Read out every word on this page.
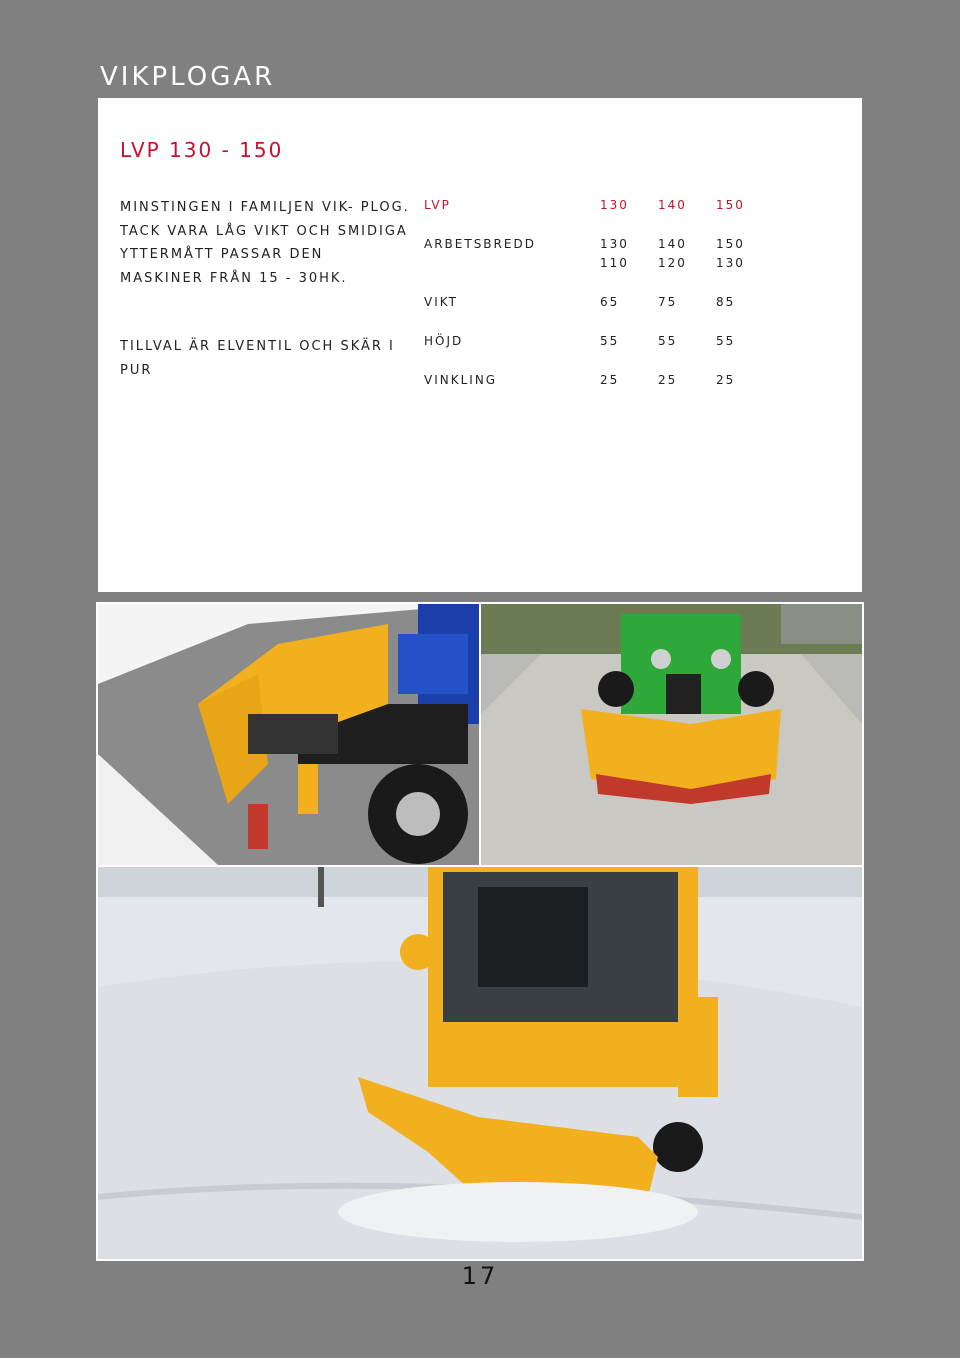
VIKPLOGAR
LVP 130 - 150

MINSTINGEN I FAMILJEN VIK- PLOG. TACK VARA LÅG VIKT OCH SMIDIGA YTTERMÅTT PASSAR DEN MASKINER FRÅN 15 - 30HK.

TILLVAL ÄR ELVENTIL OCH SKÄR I PUR

LVP	130	140	150
ARBETSBREDD	130	140	150
110	120	130
VIKT	65	75	85
HÖJD	55	55	55
VINKLING	25	25	25
17
